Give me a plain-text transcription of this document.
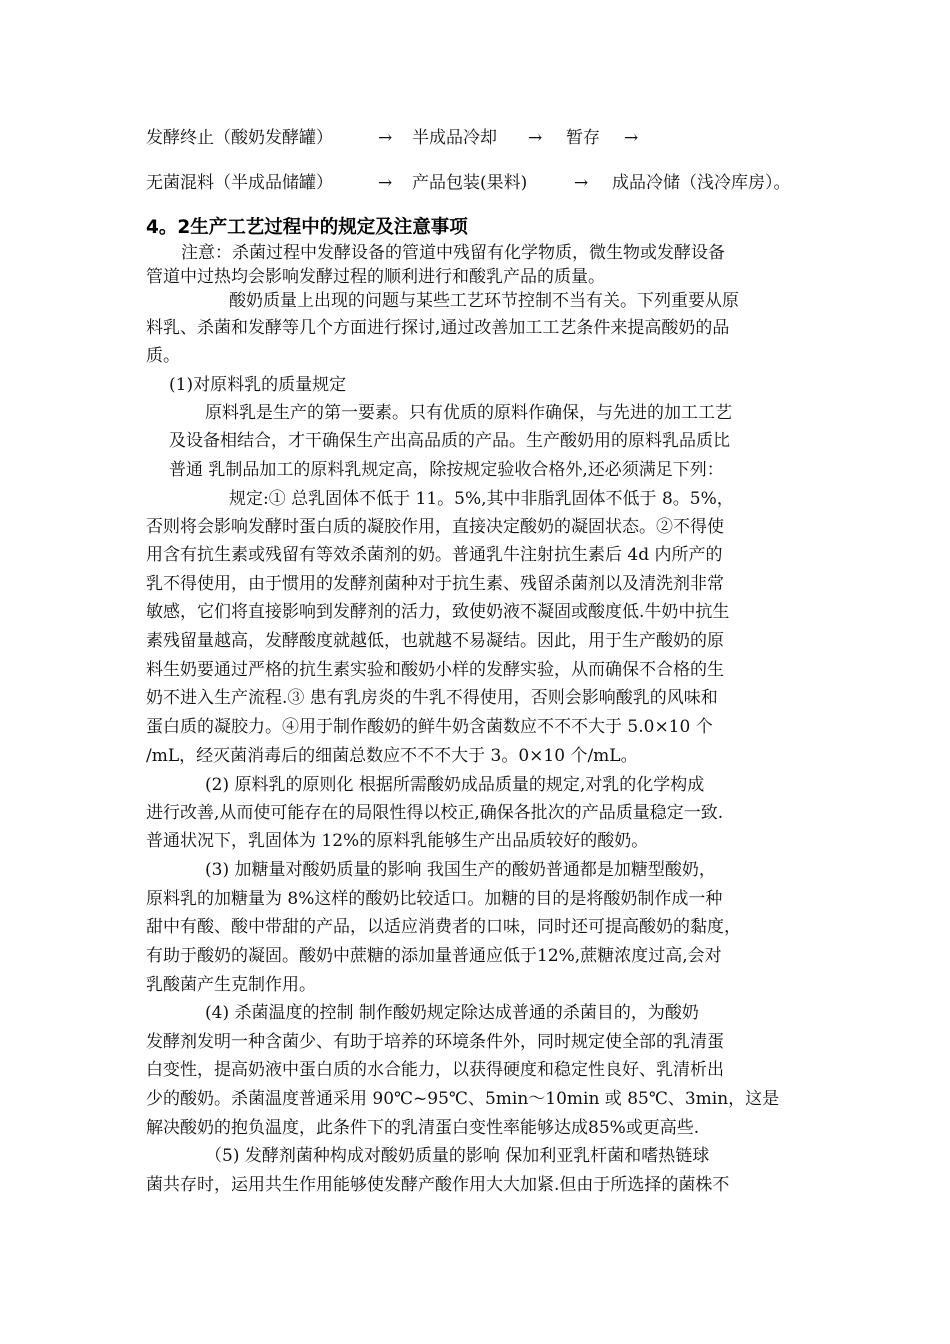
发酵终止（酸奶发酵罐）	→ 半成品冷却 → 暂存 →
无菌混料（半成品储罐）	→ 产品包装(果料)	→ 成品冷储（浅冷库房）。
4。2生产工艺过程中的规定及注意事项
注意：杀菌过程中发酵设备的管道中残留有化学物质，微生物或发酵设备
管道中过热均会影响发酵过程的顺利进行和酸乳产品的质量。
酸奶质量上出现的问题与某些工艺环节控制不当有关。下列重要从原
料乳、杀菌和发酵等几个方面进行探讨,通过改善加工工艺条件来提高酸奶的品
质。
(1)对原料乳的质量规定
原料乳是生产的第一要素。只有优质的原料作确保，与先进的加工工艺
及设备相结合，才干确保生产出高品质的产品。生产酸奶用的原料乳品质比
普通 乳制品加工的原料乳规定高，除按规定验收合格外,还必须满足下列：
规定:① 总乳固体不低于 11。5%,其中非脂乳固体不低于 8。5%，
否则将会影响发酵时蛋白质的凝胶作用，直接决定酸奶的凝固状态。②不得使
用含有抗生素或残留有等效杀菌剂的奶。普通乳牛注射抗生素后 4d 内所产的
乳不得使用，由于惯用的发酵剂菌种对于抗生素、残留杀菌剂以及清洗剂非常
敏感，它们将直接影响到发酵剂的活力，致使奶液不凝固或酸度低.牛奶中抗生
素残留量越高，发酵酸度就越低，也就越不易凝结。因此，用于生产酸奶的原
料生奶要通过严格的抗生素实验和酸奶小样的发酵实验，从而确保不合格的生
奶不进入生产流程.③ 患有乳房炎的牛乳不得使用，否则会影响酸乳的风味和
蛋白质的凝胶力。④用于制作酸奶的鲜牛奶含菌数应不不不大于 5.0×10 个
/mL，经灭菌消毒后的细菌总数应不不不大于 3。0×10 个/mL。
(2) 原料乳的原则化 根据所需酸奶成品质量的规定,对乳的化学构成
进行改善,从而使可能存在的局限性得以校正,确保各批次的产品质量稳定一致.
普通状况下，乳固体为 12%的原料乳能够生产出品质较好的酸奶。
(3) 加糖量对酸奶质量的影响 我国生产的酸奶普通都是加糖型酸奶，
原料乳的加糖量为 8%这样的酸奶比较适口。加糖的目的是将酸奶制作成一种
甜中有酸、酸中带甜的产品，以适应消费者的口味，同时还可提高酸奶的黏度，
有助于酸奶的凝固。酸奶中蔗糖的添加量普通应低于12%,蔗糖浓度过高,会对
乳酸菌产生克制作用。
(4) 杀菌温度的控制 制作酸奶规定除达成普通的杀菌目的，为酸奶
发酵剂发明一种含菌少、有助于培养的环境条件外，同时规定使全部的乳清蛋
白变性，提高奶液中蛋白质的水合能力，以获得硬度和稳定性良好、乳清析出
少的酸奶。杀菌温度普通采用 90℃~95℃、5min～10min 或 85℃、3min，这是
解决酸奶的抱负温度，此条件下的乳清蛋白变性率能够达成85%或更高些.
（5) 发酵剂菌种构成对酸奶质量的影响 保加利亚乳杆菌和嗜热链球
菌共存时，运用共生作用能够使发酵产酸作用大大加紧.但由于所选择的菌株不
